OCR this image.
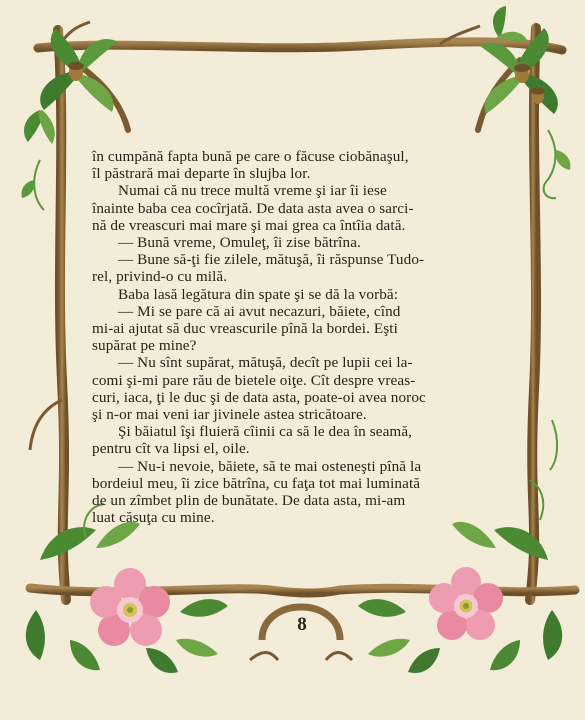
în cumpănă fapta bună pe care o făcuse ciobănaşul,
îl păstrară mai departe în slujba lor.
Numai că nu trece multă vreme şi iar îi iese
înainte baba cea cocîrjată. De data asta avea o sarci-
nă de vreascuri mai mare şi mai grea ca întîia dată.
— Bună vreme, Omuleţ, îi zise bătrîna.
— Bune să-ţi fie zilele, mătuşă, îi răspunse Tudo-
rel, privind-o cu milă.
Baba lasă legătura din spate şi se dă la vorbă:
— Mi se pare că ai avut necazuri, băiete, cînd
mi-ai ajutat să duc vreascurile pînă la bordei. Eşti
supărat pe mine?
— Nu sînt supărat, mătuşă, decît pe lupii cei la-
comi şi-mi pare rău de bietele oiţe. Cît despre vreas-
curi, iaca, ţi le duc şi de data asta, poate-oi avea noroc
şi n-or mai veni iar jivinele astea stricătoare.
Şi băiatul îşi fluieră cîinii ca să le dea în seamă,
pentru cît va lipsi el, oile.
— Nu-i nevoie, băiete, să te mai osteneşti pînă la
bordeiul meu, îi zice bătrîna, cu faţa tot mai luminată
de un zîmbet plin de bunătate. De data asta, mi-am
luat căsuţa cu mine.
8
